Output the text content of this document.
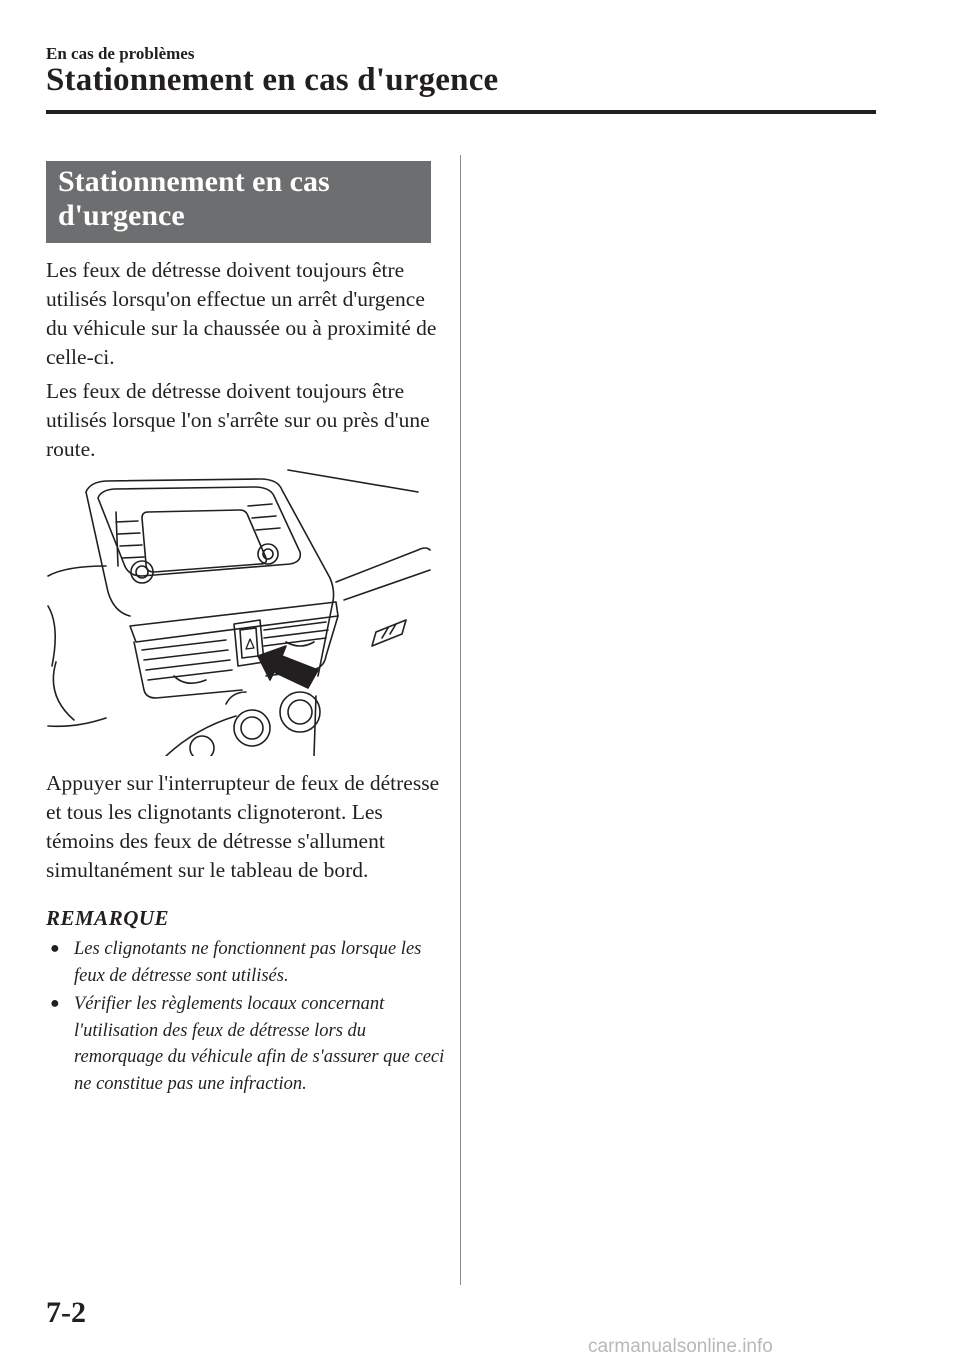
En cas de problèmes
Stationnement en cas d'urgence
Stationnement en cas
d'urgence

Les feux de détresse doivent toujours être utilisés lorsqu'on effectue un arrêt d'urgence du véhicule sur la chaussée ou à proximité de celle-ci.

Les feux de détresse doivent toujours être utilisés lorsque l'on s'arrête sur ou près d'une route.

Appuyer sur l'interrupteur de feux de détresse et tous les clignotants clignoteront. Les témoins des feux de détresse s'allument simultanément sur le tableau de bord.

REMARQUE
● Les clignotants ne fonctionnent pas lorsque les feux de détresse sont utilisés.
● Vérifier les règlements locaux concernant l'utilisation des feux de détresse lors du remorquage du véhicule afin de s'assurer que ceci ne constitue pas une infraction.
7-2
carmanualsonline.info
